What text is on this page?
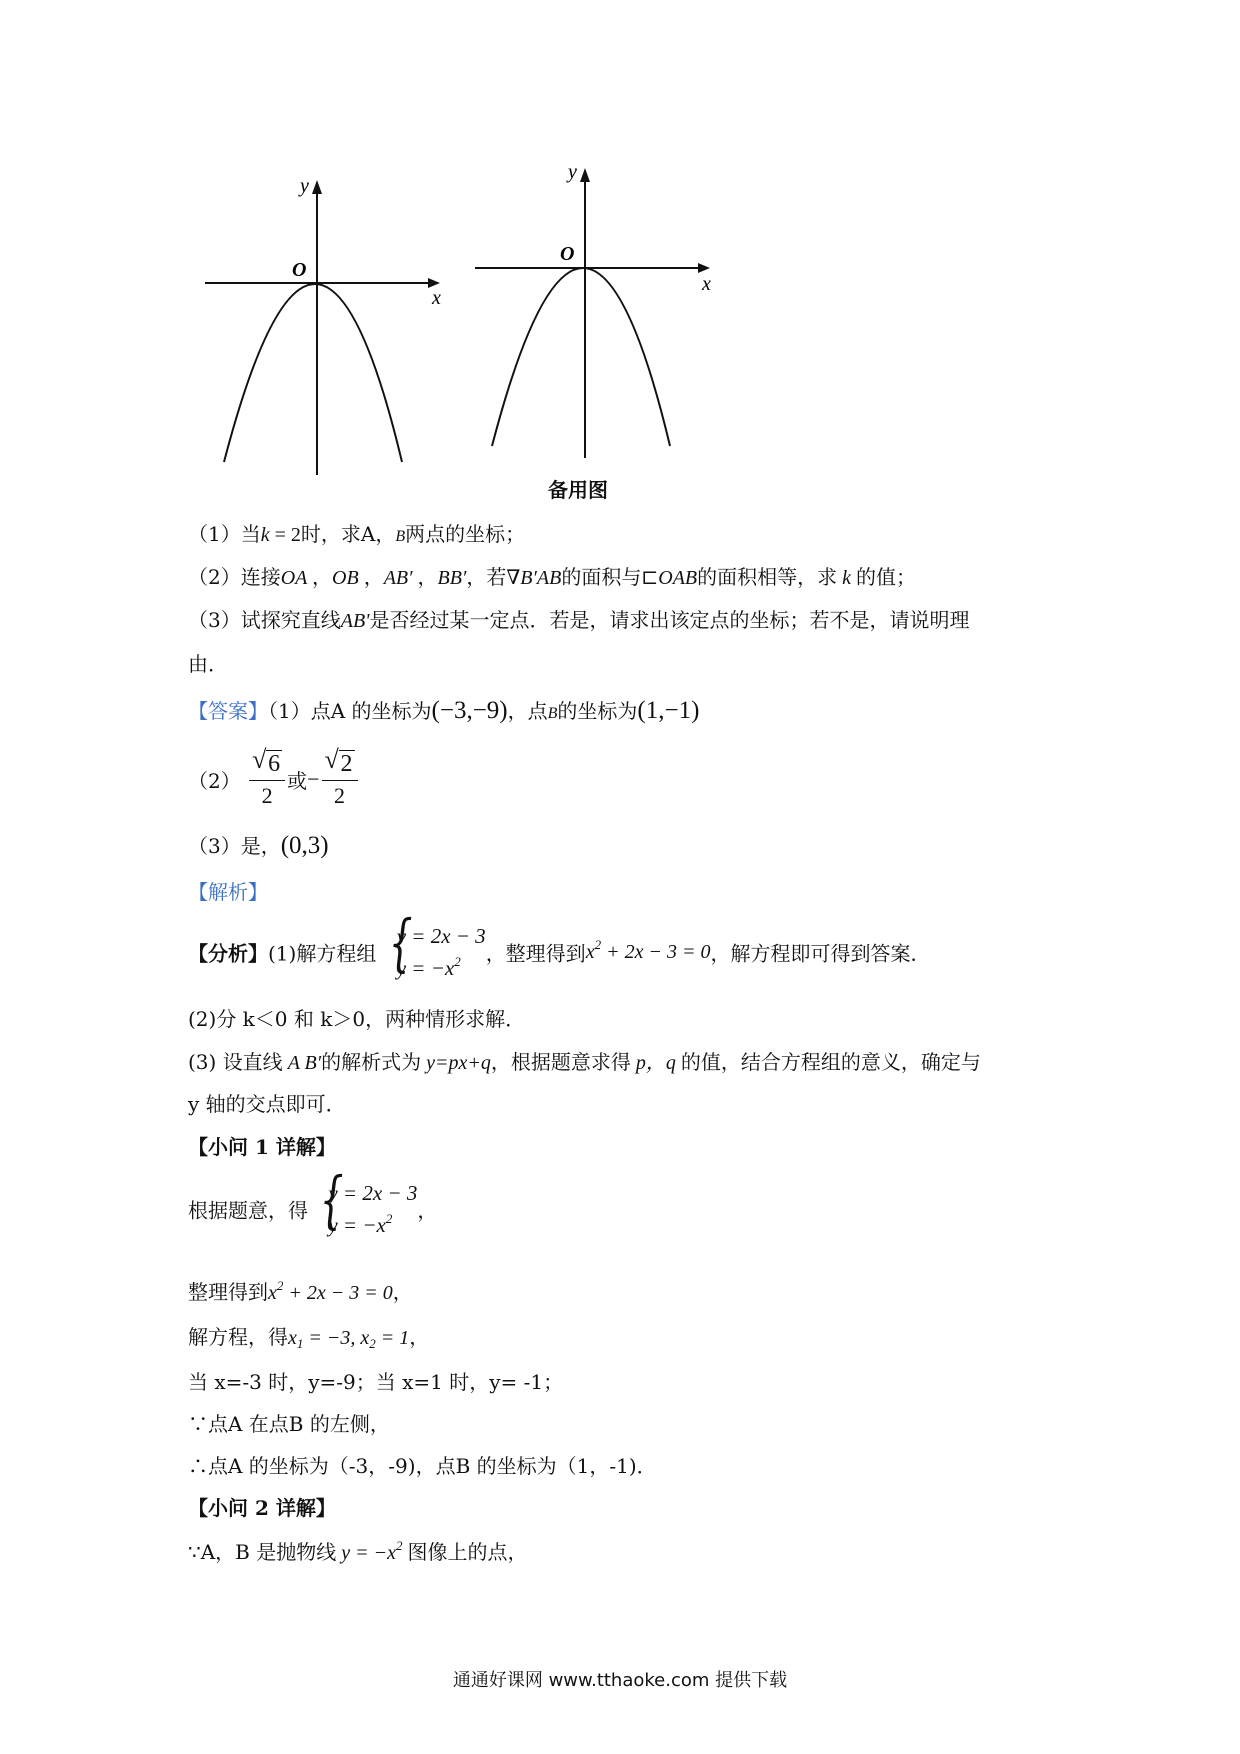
y
x
O
y
x
O
备用图
（1）当k = 2时，求A，B两点的坐标；
（2）连接OA ，OB ，AB′ ，BB′，若∇B′AB的面积与⊏OAB的面积相等，求 k 的值；
（3）试探究直线AB'是否经过某一定点．若是，请求出该定点的坐标；若不是，请说明理
由．
【答案】（1）点A 的坐标为(−3,−9)，点B的坐标为(1,−1)
$(2) \frac{√ 6}{2}$ 或− $\frac{√ 2}{2}$
（3）是，(0,3)
【解析】
【分析】(1)解方程组 {
y = 2x − 3
$y = -x^2$	，整理得到$x^2 + 2x - 3 = 0$，解方程即可得到答案．
(2)分 k＜0 和 k＞0，两种情形求解．
(3) 设直线 A B′的解析式为 y=px+q，根据题意求得 p，q 的值，结合方程组的意义，确定与
y 轴的交点即可．
【小问 1 详解】
根据题意，得 {
y = 2x − 3
$y = -x^2$	，
整理得到$x^2 + 2x - 3 = 0$，
解方程，得$x_1 = -3$, $x_2 = 1$，
当 x=-3 时，y=-9；当 x=1 时，y= -1；
∵点A 在点B 的左侧，
∴点A 的坐标为（-3，-9)，点B 的坐标为（1，-1)．
【小问 2 详解】
∵A，B 是抛物线 $y = -x^2$ 图像上的点，
通通好课网 www.tthaoke.com 提供下载
